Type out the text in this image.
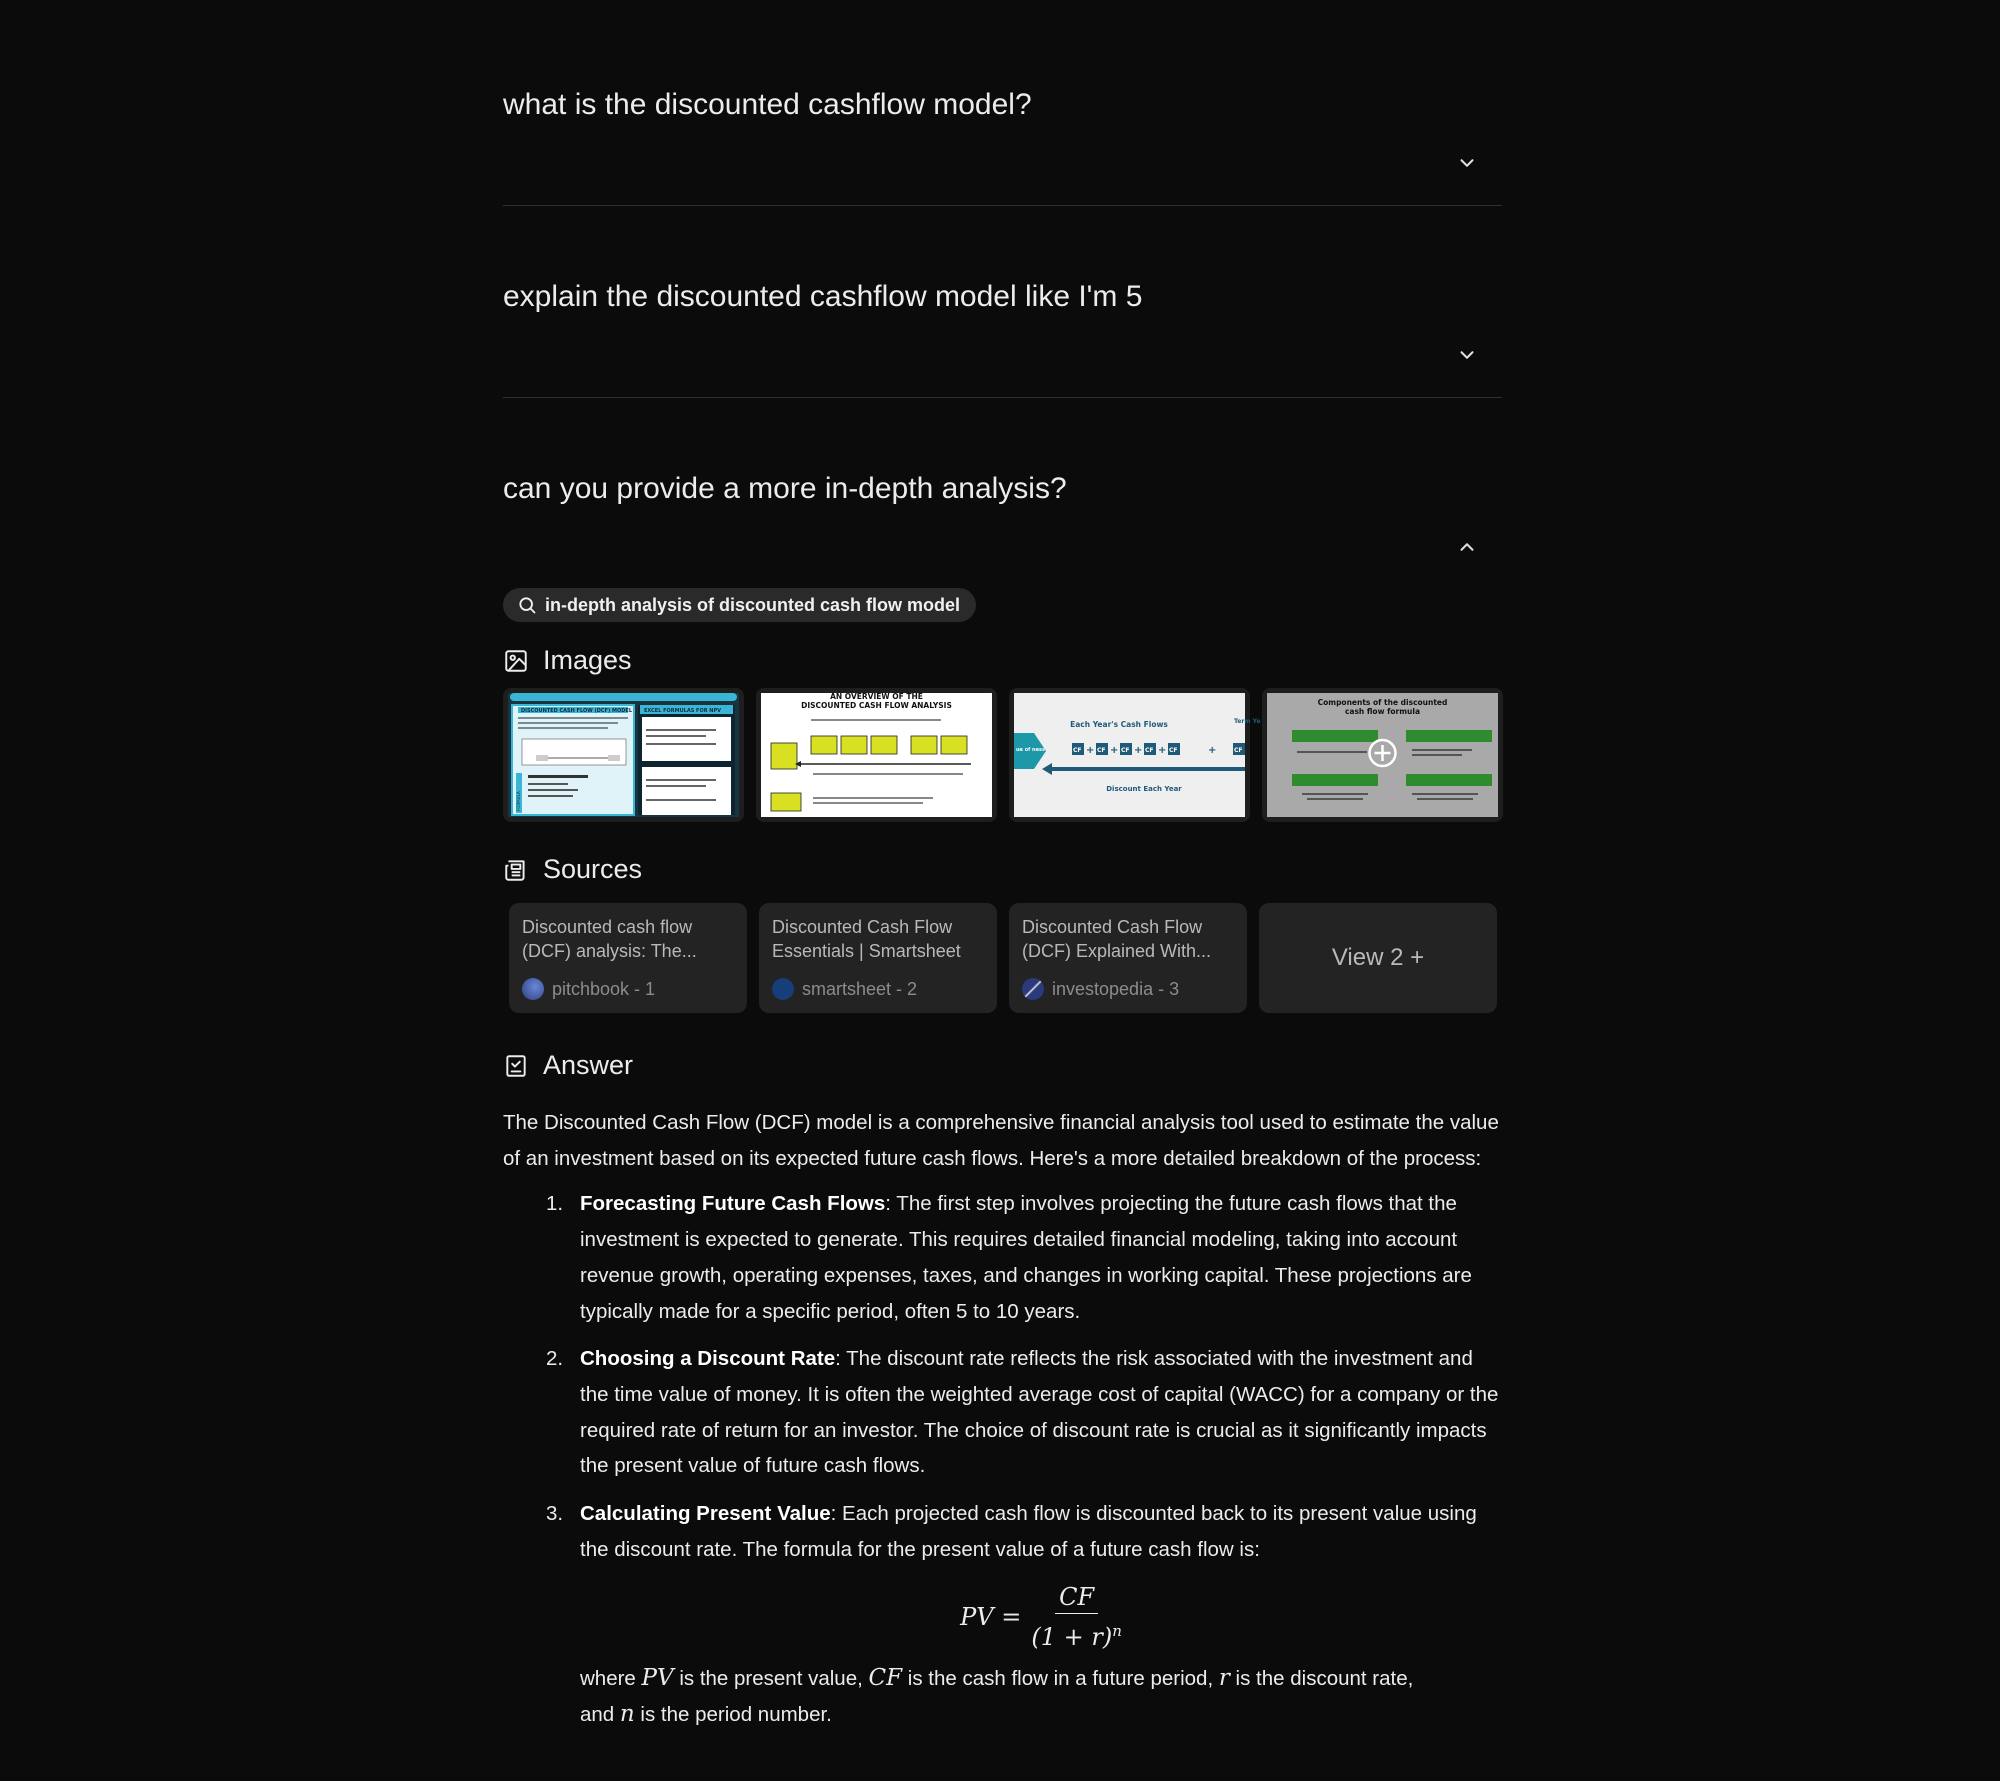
what is the discounted cashflow model?
explain the discounted cashflow model like I'm 5
can you provide a more in-depth analysis?
in-depth analysis of discounted cash flow model
Images
DISCOUNTED CASH FLOW (DCF) MODEL
FORMULA
EXCEL FORMULAS FOR NPV
AN OVERVIEW OF THE
DISCOUNTED CASH FLOW ANALYSIS
AN OVERVIEW OF THE DISCOUNTED CASH FLOW ANALYSIS
Each Year's Cash Flows	Term Ye
ue of ness	CF + CF + CF + CF + CF	+	CF
Discount Each Year
Components of the discounted
cash flow formula
Components of the discounted cash flow formula
Sources
Discounted cash flow (DCF) analysis: The...
pitchbook - 1
Discounted Cash Flow Essentials | Smartsheet
smartsheet - 2
Discounted Cash Flow (DCF) Explained With...
investopedia - 3
View 2 +
Answer

The Discounted Cash Flow (DCF) model is a comprehensive financial analysis tool used to estimate the value of an investment based on its expected future cash flows. Here's a more detailed breakdown of the process:

1. Forecasting Future Cash Flows: The first step involves projecting the future cash flows that the investment is expected to generate. This requires detailed financial modeling, taking into account revenue growth, operating expenses, taxes, and changes in working capital. These projections are typically made for a specific period, often 5 to 10 years.
2. Choosing a Discount Rate: The discount rate reflects the risk associated with the investment and the time value of money. It is often the weighted average cost of capital (WACC) for a company or the required rate of return for an investor. The choice of discount rate is crucial as it significantly impacts the present value of future cash flows.
3. Calculating Present Value: Each projected cash flow is discounted back to its present value using the discount rate. The formula for the present value of a future cash flow is:
PV = $\frac{CF}{(1 + r)^n}$
where PV is the present value, CF is the cash flow in a future period, r is the discount rate,
and n is the period number.
